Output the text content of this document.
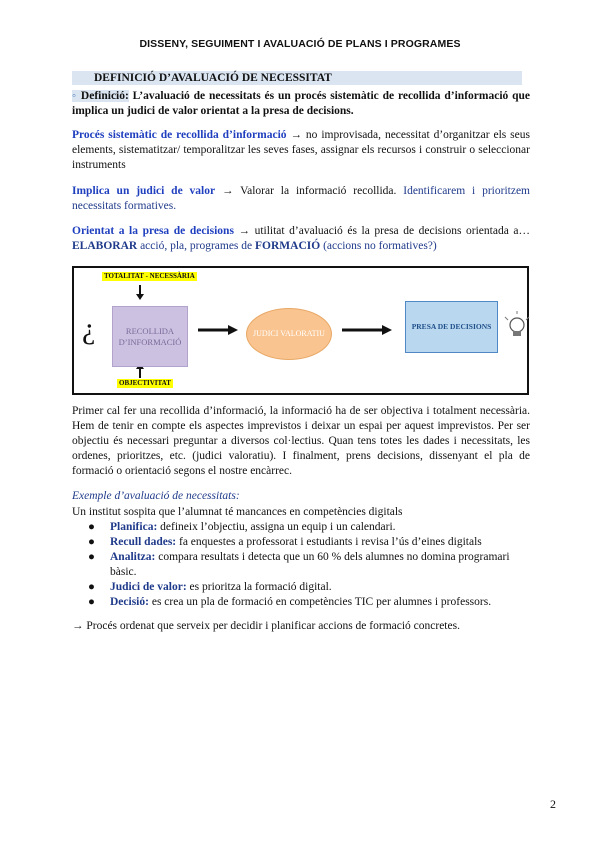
DISSENY, SEGUIMENT I AVALUACIÓ DE PLANS I PROGRAMES
DEFINICIÓ D’AVALUACIÓ DE NECESSITAT
◦ Definició: L’avaluació de necessitats és un procés sistemàtic de recollida d’informació que implica un judici de valor orientat a la presa de decisions.
Procés sistemàtic de recollida d’informació → no improvisada, necessitat d’organitzar els seus elements, sistematitzar/ temporalitzar les seves fases, assignar els recursos i construir o seleccionar instruments
Implica un judici de valor → Valorar la informació recollida. Identificarem i prioritzem necessitats formatives.
Orientat a la presa de decisions → utilitat d’avaluació és la presa de decisions orientada a… ELABORAR acció, pla, programes de FORMACIÓ (accions no formatives?)
¿
TOTALITAT - NECESSÀRIA
OBJECTIVITAT
RECOLLIDA D’INFORMACIÓ
JUDICI VALORATIU
PRESA DE DECISIONS
Primer cal fer una recollida d’informació, la informació ha de ser objectiva i totalment necessària. Hem de tenir en compte els aspectes imprevistos i deixar un espai per aquest imprevistos. Per ser objectiu és necessari preguntar a diversos col·lectius. Quan tens totes les dades i necessitats, les ordenes, prioritzes, etc. (judici valoratiu). I finalment, prens decisions, dissenyant el pla de formació o orientació segons el nostre encàrrec.
Exemple d’avaluació de necessitats:
Un institut sospita que l’alumnat té mancances en competències digitals
● Planifica: defineix l’objectiu, assigna un equip i un calendari.
● Recull dades: fa enquestes a professorat i estudiants i revisa l’ús d’eines digitals
● Analitza: compara resultats i detecta que un 60 % dels alumnes no domina programari bàsic.
● Judici de valor: es prioritza la formació digital.
● Decisió: es crea un pla de formació en competències TIC per alumnes i professors.
→ Procés ordenat que serveix per decidir i planificar accions de formació concretes.
2
